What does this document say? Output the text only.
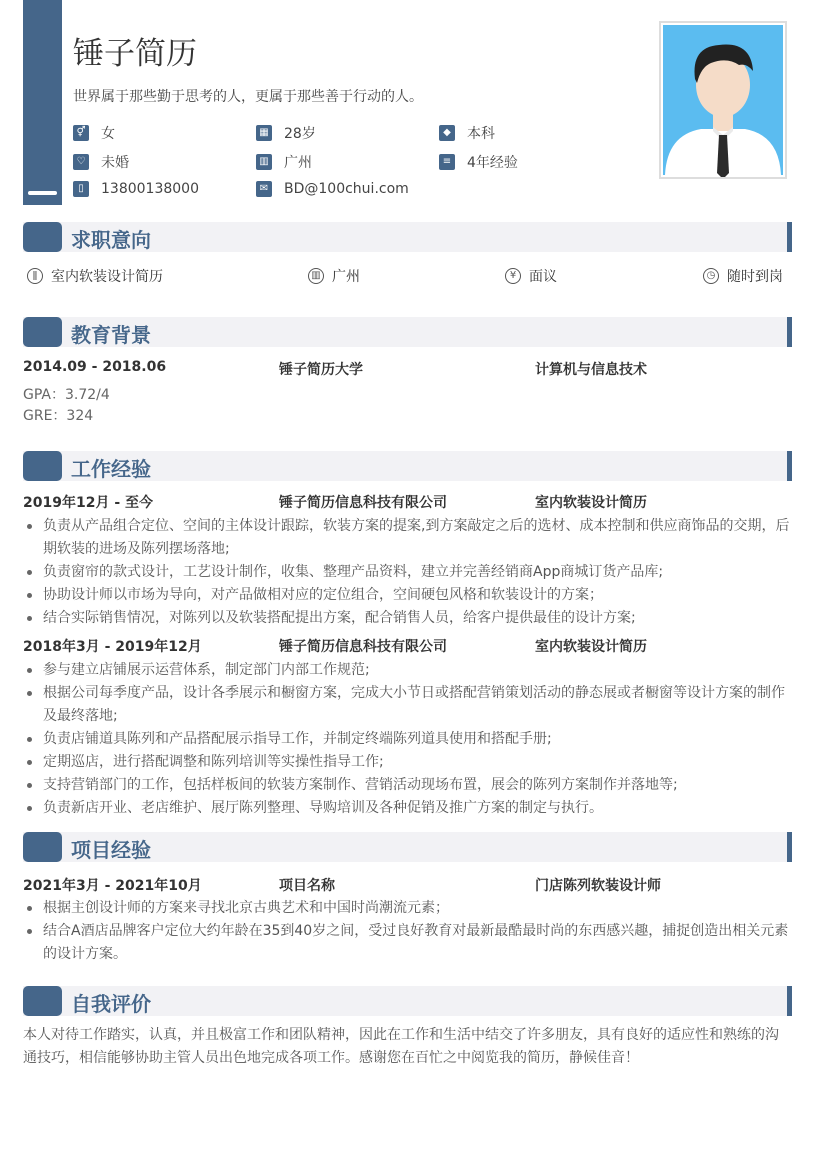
锤子简历
世界属于那些勤于思考的人，更属于那些善于行动的人。
⚥ 女	▦ 28岁	◆ 本科
♡ 未婚	▥ 广州	≡ 4年经验
▯	13800138000	✉ BD@100chui.com
求职意向
ǁ 室内软装设计简历	▥ 广州	¥ 面议	◷ 随时到岗
教育背景
2014.09 - 2018.06	锤子简历大学	计算机与信息技术
GPA：3.72/4
GRE：324
工作经验
2019年12月 - 至今	锤子简历信息科技有限公司	室内软装设计简历
负责从产品组合定位、空间的主体设计跟踪，软装方案的提案,到方案敲定之后的选材、成本控制和供应商饰品的交期，后期软装的进场及陈列摆场落地;
负责窗帘的款式设计，工艺设计制作，收集、整理产品资料，建立并完善经销商App商城订货产品库;
协助设计师以市场为导向，对产品做相对应的定位组合，空间硬包风格和软装设计的方案；
结合实际销售情况，对陈列以及软装搭配提出方案，配合销售人员，给客户提供最佳的设计方案;
2018年3月 - 2019年12月	锤子简历信息科技有限公司	室内软装设计简历
参与建立店铺展示运营体系，制定部门内部工作规范;
根据公司每季度产品，设计各季展示和橱窗方案，完成大小节日或搭配营销策划活动的静态展或者橱窗等设计方案的制作及最终落地;
负责店铺道具陈列和产品搭配展示指导工作，并制定终端陈列道具使用和搭配手册;
定期巡店，进行搭配调整和陈列培训等实操性指导工作;
支持营销部门的工作，包括样板间的软装方案制作、营销活动现场布置，展会的陈列方案制作并落地等;
负责新店开业、老店维护、展厅陈列整理、导购培训及各种促销及推广方案的制定与执行。
项目经验
2021年3月 - 2021年10月	项目名称	门店陈列软装设计师
根据主创设计师的方案来寻找北京古典艺术和中国时尚潮流元素；
结合A酒店品牌客户定位大约年龄在35到40岁之间，受过良好教育对最新最酷最时尚的东西感兴趣，捕捉创造出相关元素的设计方案。
自我评价
本人对待工作踏实，认真，并且极富工作和团队精神，因此在工作和生活中结交了许多朋友，具有良好的适应性和熟练的沟通技巧，相信能够协助主管人员出色地完成各项工作。感谢您在百忙之中阅览我的简历，静候佳音！
